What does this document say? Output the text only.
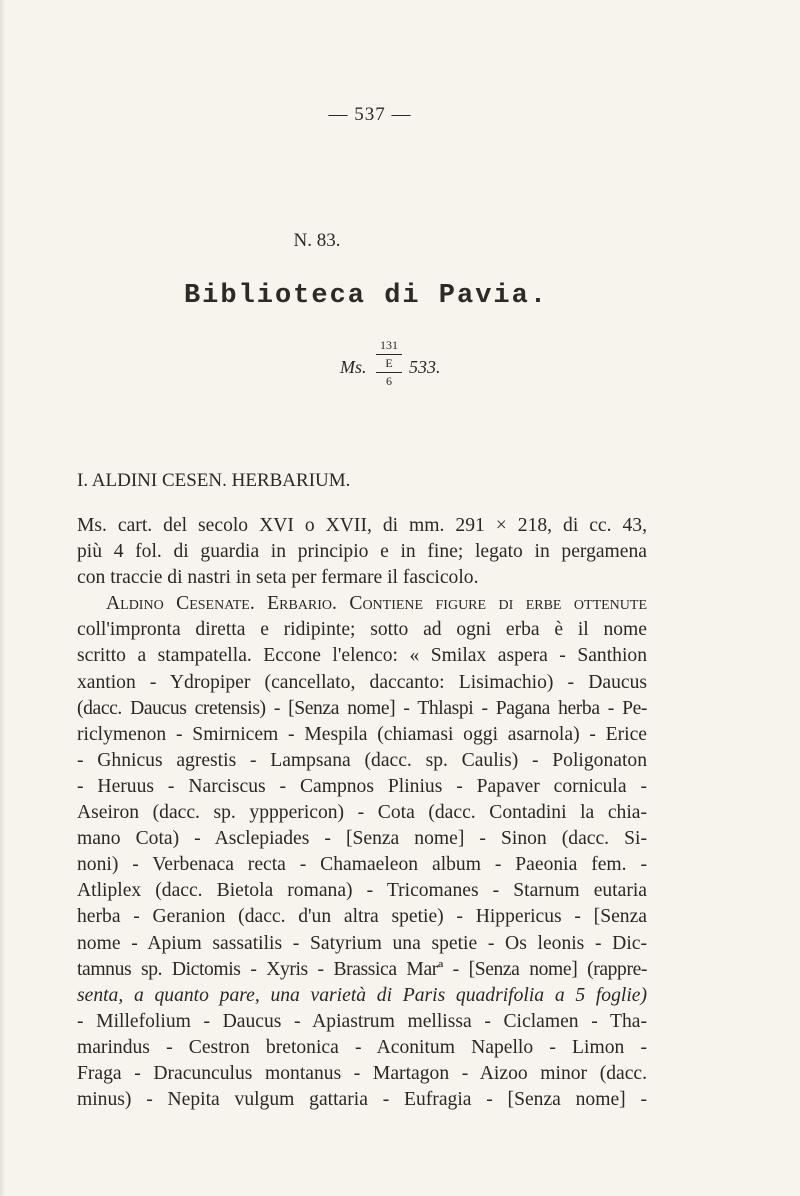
— 537 —
N. 83.
Biblioteca di Pavia.
Ms.
131
E
6
533.
I. ALDINI CESEN. HERBARIUM.
Ms. cart. del secolo XVI o XVII, di mm. 291 × 218, di cc. 43,
più 4 fol. di guardia in principio e in fine; legato in pergamena
con traccie di nastri in seta per fermare il fascicolo.
Aldino Cesenate. Erbario. Contiene figure di erbe ottenute
coll'impronta diretta e ridipinte; sotto ad ogni erba è il nome
scritto a stampatella. Eccone l'elenco: « Smilax aspera - Santhion
xantion - Ydropiper (cancellato, daccanto: Lisimachio) - Daucus
(dacc. Daucus cretensis) - [Senza nome] - Thlaspi - Pagana herba - Pe-
riclymenon - Smirnicem - Mespila (chiamasi oggi asarnola) - Erice
- Ghnicus agrestis - Lampsana (dacc. sp. Caulis) - Poligonaton
- Heruus - Narciscus - Campnos Plinius - Papaver cornicula -
Aseiron (dacc. sp. ypppericon) - Cota (dacc. Contadini la chia-
mano Cota) - Asclepiades - [Senza nome] - Sinon (dacc. Si-
noni) - Verbenaca recta - Chamaeleon album - Paeonia fem. -
Atliplex (dacc. Bietola romana) - Tricomanes - Starnum eutaria
herba - Geranion (dacc. d'un altra spetie) - Hippericus - [Senza
nome - Apium sassatilis - Satyrium una spetie - Os leonis - Dic-
tamnus sp. Dictomis - Xyris - Brassica Marª - [Senza nome] (rappre-
senta, a quanto pare, una varietà di Paris quadrifolia a 5 foglie)
- Millefolium - Daucus - Apiastrum mellissa - Ciclamen - Tha-
marindus - Cestron bretonica - Aconitum Napello - Limon -
Fraga - Dracunculus montanus - Martagon - Aizoo minor (dacc.
minus) - Nepita vulgum gattaria - Eufragia - [Senza nome] -
